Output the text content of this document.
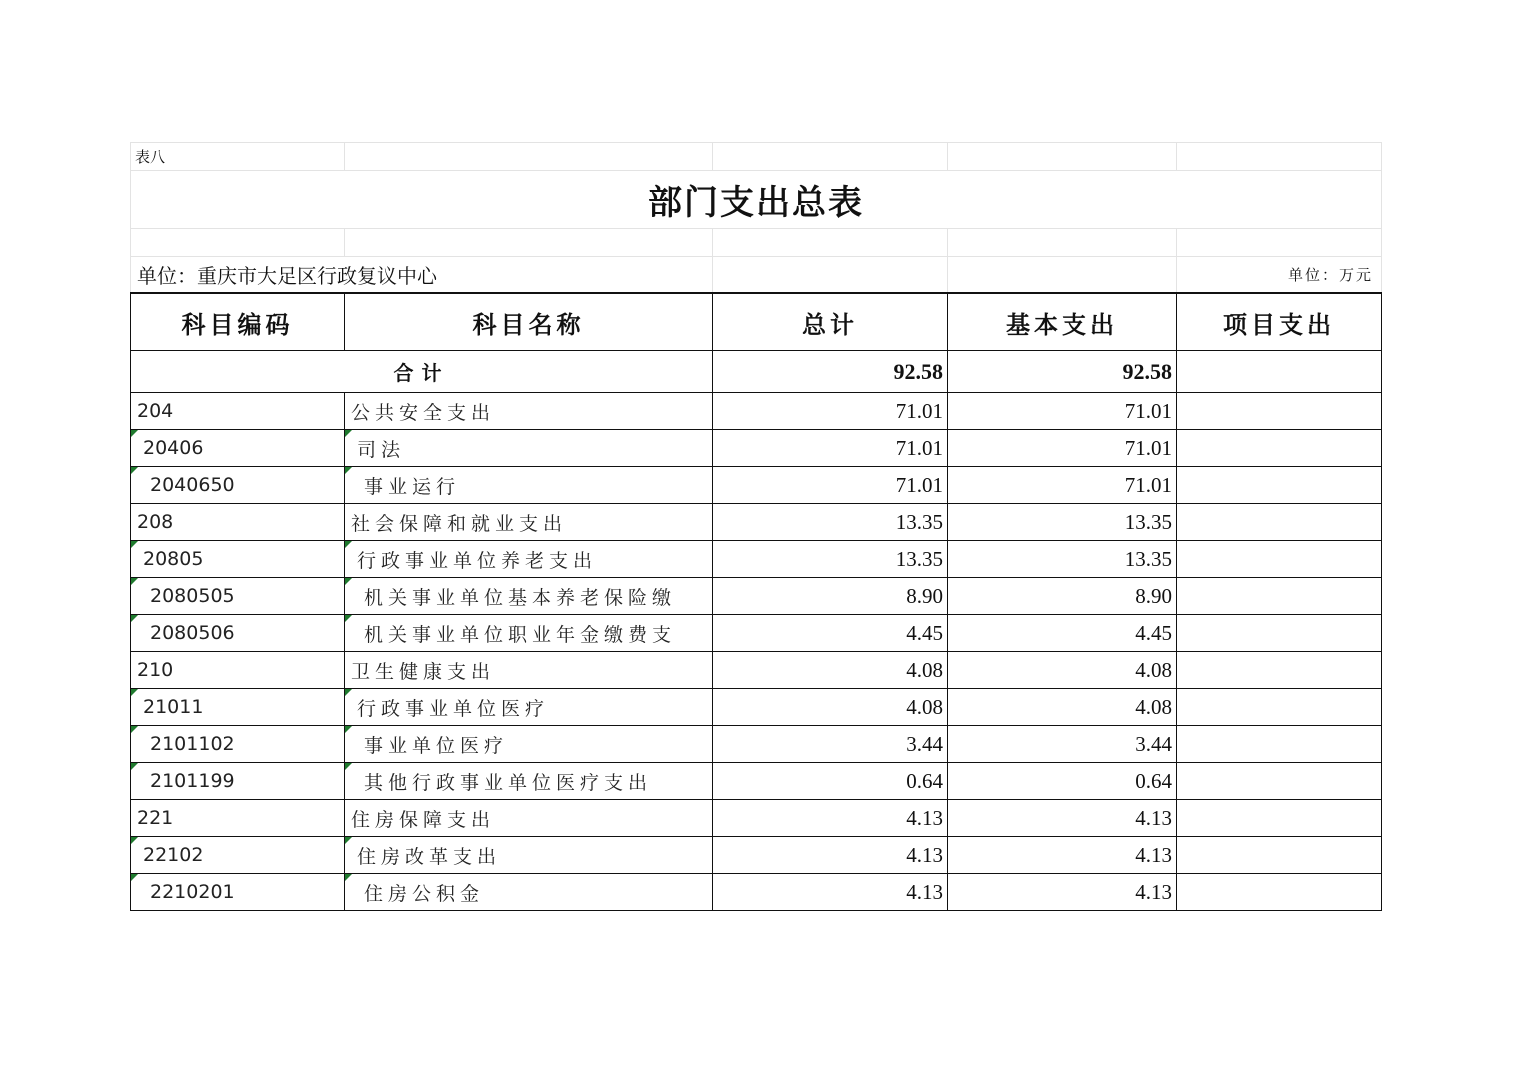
表八				
部门支出总表				

单位：重庆市大足区行政复议中心				单位：万元
科目编码	科目名称	总计	基本支出	项目支出
合计		92.58	92.58	
204	公共安全支出	71.01	71.01	
20406	司法	71.01	71.01	
2040650	事业运行	71.01	71.01	
208	社会保障和就业支出	13.35	13.35	
20805	行政事业单位养老支出	13.35	13.35	
2080505	机关事业单位基本养老保险缴	8.90	8.90	
2080506	机关事业单位职业年金缴费支	4.45	4.45	
210	卫生健康支出	4.08	4.08	
21011	行政事业单位医疗	4.08	4.08	
2101102	事业单位医疗	3.44	3.44	
2101199	其他行政事业单位医疗支出	0.64	0.64	
221	住房保障支出	4.13	4.13	
22102	住房改革支出	4.13	4.13	
2210201	住房公积金	4.13	4.13	
